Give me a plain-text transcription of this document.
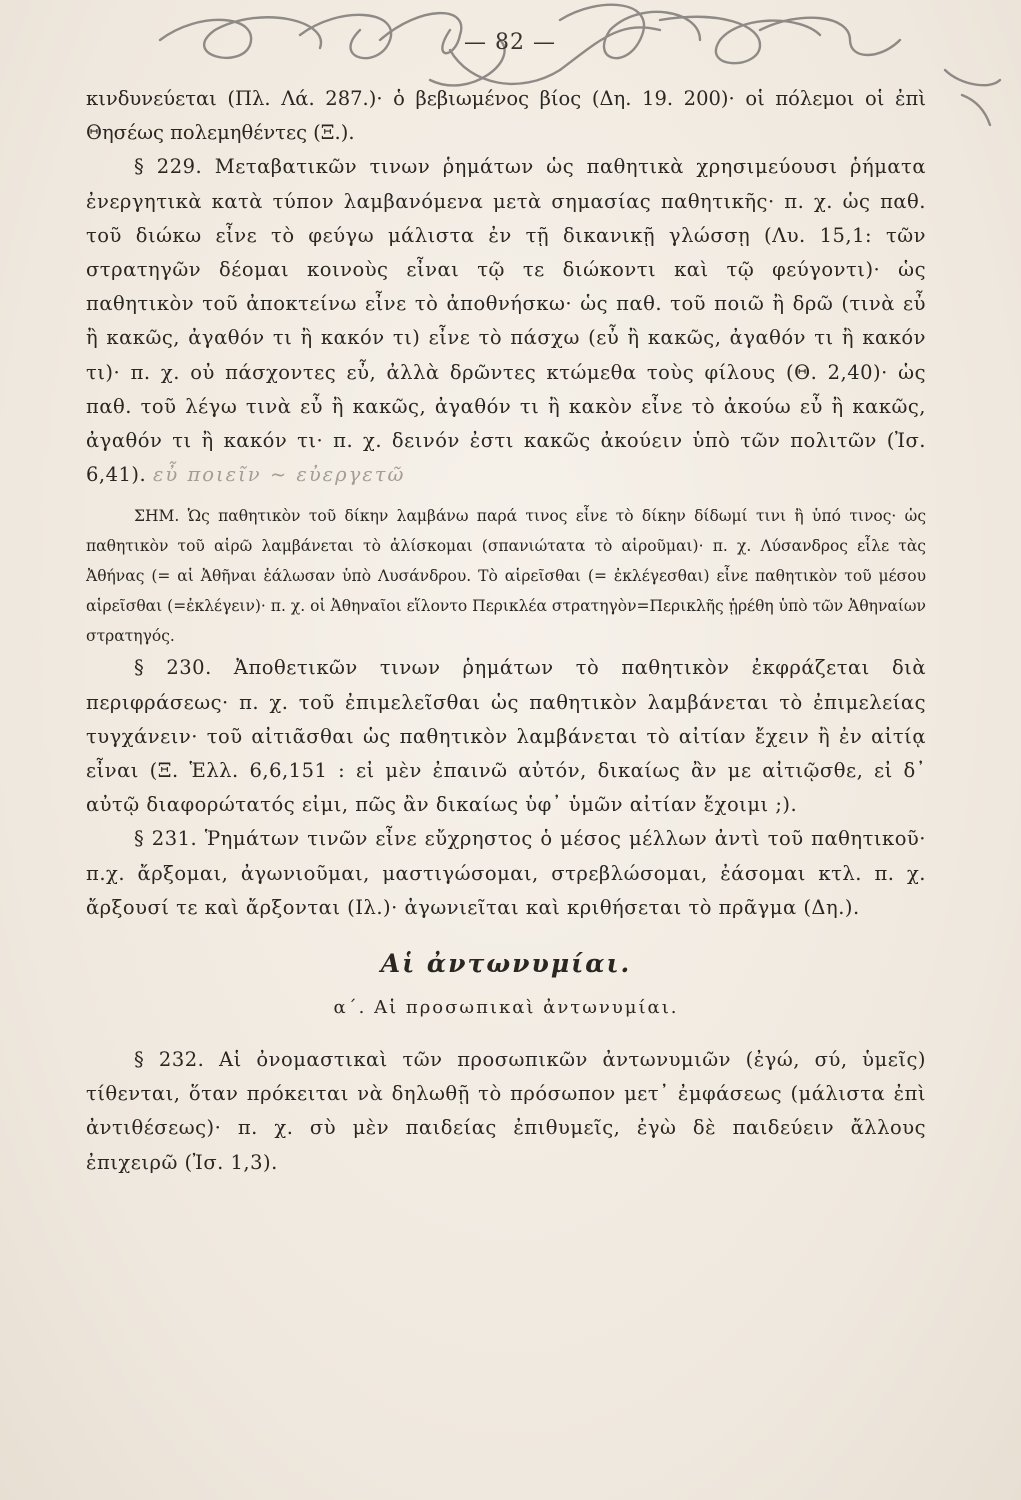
— 82 —

κινδυνεύεται (Πλ. Λά. 287.)· ὁ βεβιωμένος βίος (Δη. 19. 200)· οἱ πόλεμοι οἱ ἐπὶ Θησέως πολεμηθέντες (Ξ.).

§ 229. Μεταβατικῶν τινων ῥημάτων ὡς παθητικὰ χρησιμεύουσι ῥήματα ἐνεργητικὰ κατὰ τύπον λαμβανόμενα μετὰ σημασίας παθητικῆς· π. χ. ὡς παθ. τοῦ διώκω εἶνε τὸ φεύγω μάλιστα ἐν τῇ δικανικῇ γλώσσῃ (Λυ. 15,1: τῶν στρατηγῶν δέομαι κοινοὺς εἶναι τῷ τε διώκοντι καὶ τῷ φεύγοντι)· ὡς παθητικὸν τοῦ ἀποκτείνω εἶνε τὸ ἀποθνήσκω· ὡς παθ. τοῦ ποιῶ ἢ δρῶ (τινὰ εὖ ἢ κακῶς, ἀγαθόν τι ἢ κακόν τι) εἶνε τὸ πάσχω (εὖ ἢ κακῶς, ἀγαθόν τι ἢ κακόν τι)· π. χ. οὐ πάσχοντες εὖ, ἀλλὰ δρῶντες κτώμεθα τοὺς φίλους (Θ. 2,40)· ὡς παθ. τοῦ λέγω τινὰ εὖ ἢ κακῶς, ἀγαθόν τι ἢ κακὸν εἶνε τὸ ἀκούω εὖ ἢ κακῶς, ἀγαθόν τι ἢ κακόν τι· π. χ. δεινόν ἐστι κακῶς ἀκούειν ὑπὸ τῶν πολιτῶν (Ἰσ. 6,41). εὖ ποιεῖν ~ εὐεργετῶ

ΣΗΜ. Ὡς παθητικὸν τοῦ δίκην λαμβάνω παρά τινος εἶνε τὸ δίκην δίδωμί τινι ἢ ὑπό τινος· ὡς παθητικὸν τοῦ αἱρῶ λαμβάνεται τὸ ἁλίσκομαι (σπανιώτατα τὸ αἱροῦμαι)· π. χ. Λύσανδρος εἷλε τὰς Ἀθήνας (= αἱ Ἀθῆναι ἑάλωσαν ὑπὸ Λυσάνδρου. Τὸ αἱρεῖσθαι (= ἐκλέγεσθαι) εἶνε παθητικὸν τοῦ μέσου αἱρεῖσθαι (=ἐκλέγειν)· π. χ. οἱ Ἀθηναῖοι εἵλοντο Περικλέα στρατηγὸν=Περικλῆς ᾑρέθη ὑπὸ τῶν Ἀθηναίων στρατηγός.

§ 230. Ἀποθετικῶν τινων ῥημάτων τὸ παθητικὸν ἐκφράζεται διὰ περιφράσεως· π. χ. τοῦ ἐπιμελεῖσθαι ὡς παθητικὸν λαμβάνεται τὸ ἐπιμελείας τυγχάνειν· τοῦ αἰτιᾶσθαι ὡς παθητικὸν λαμβάνεται τὸ αἰτίαν ἔχειν ἢ ἐν αἰτίᾳ εἶναι (Ξ. Ἑλλ. 6,6,151 : εἰ μὲν ἐπαινῶ αὐτόν, δικαίως ἂν με αἰτιῷσθε, εἰ δ᾽ αὐτῷ διαφορώτατός εἰμι, πῶς ἂν δικαίως ὑφ᾽ ὑμῶν αἰτίαν ἔχοιμι ;).

§ 231. Ῥημάτων τινῶν εἶνε εὔχρηστος ὁ μέσος μέλλων ἀντὶ τοῦ παθητικοῦ· π.χ. ἄρξομαι, ἀγωνιοῦμαι, μαστιγώσομαι, στρεβλώσομαι, ἐάσομαι κτλ. π. χ. ἄρξουσί τε καὶ ἄρξονται (Ιλ.)· ἀγωνιεῖται καὶ κριθήσεται τὸ πρᾶγμα (Δη.).

Αἱ ἀντωνυμίαι.

α΄. Αἱ προσωπικαὶ ἀντωνυμίαι.

§ 232. Αἱ ὀνομαστικαὶ τῶν προσωπικῶν ἀντωνυμιῶν (ἐγώ, σύ, ὑμεῖς) τίθενται, ὅταν πρόκειται νὰ δηλωθῇ τὸ πρόσωπον μετ᾽ ἐμφάσεως (μάλιστα ἐπὶ ἀντιθέσεως)· π. χ. σὺ μὲν παιδείας ἐπιθυμεῖς, ἐγὼ δὲ παιδεύειν ἄλλους ἐπιχειρῶ (Ἰσ. 1,3).
